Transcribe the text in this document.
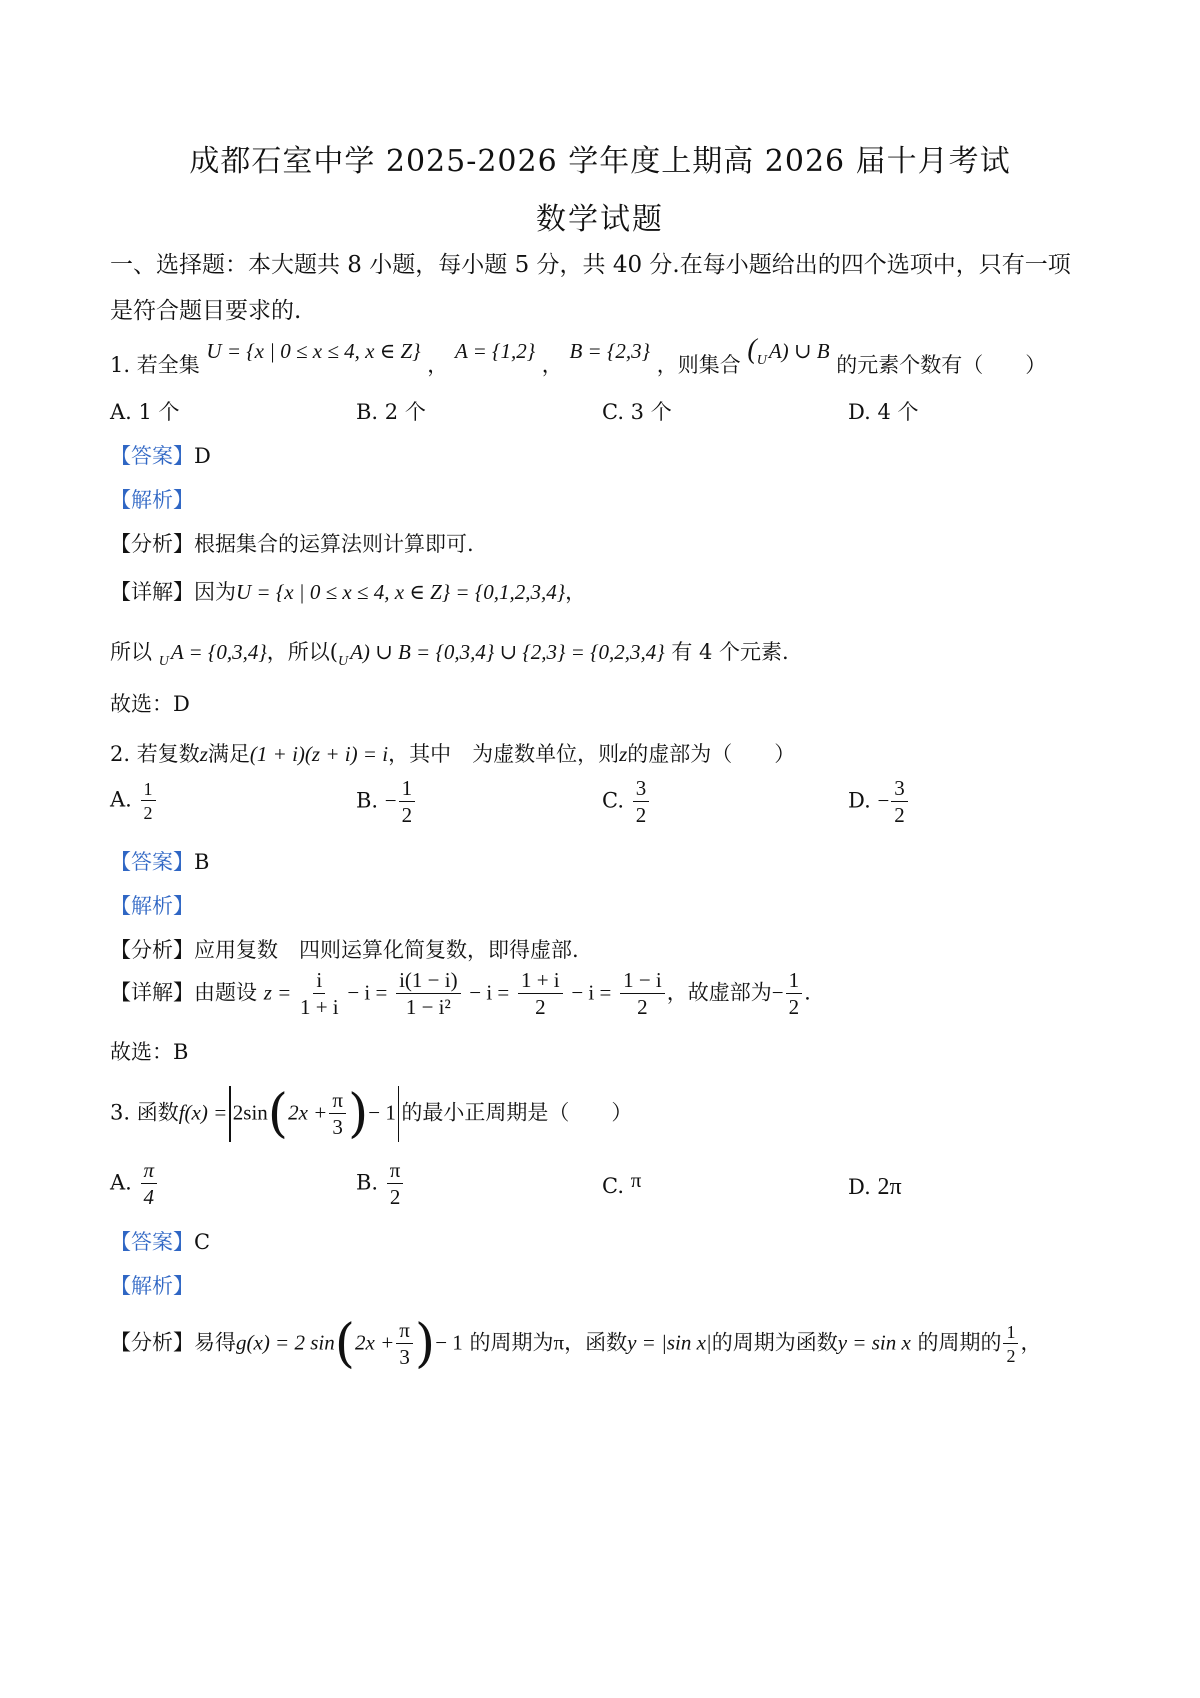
成都石室中学 2025-2026 学年度上期高 2026 届十月考试
数学试题
一、选择题：本大题共 8 小题，每小题 5 分，共 40 分.在每小题给出的四个选项中，只有一项
是符合题目要求的.
1. 若全集 U = {x | 0 ≤ x ≤ 4, x ∈ Z} ， A = {1,2} ， B = {2,3} ，则集合 $(_UA)$ ∪ B 的元素个数有（　　）
A. 1 个	B. 2 个	C. 3 个	D. 4 个
【答案】D
【解析】
【分析】根据集合的运算法则计算即可.
【详解】因为U = {x | 0 ≤ x ≤ 4, x ∈ Z} = {0,1,2,3,4}，
所以 $_U$A = {0,3,4}，所以$(_UA)$ ∪ B = {0,3,4} ∪ {2,3} = {0,2,3,4} 有 4 个元素.
故选：D
2. 若复数z满足(1 + i)(z + i) = i，其中　为虚数单位，则z的虚部为（　　）
A. $\frac{1}{2}$	B. − $\frac{1}{2}$	C. $\frac{3}{2}$	D. − $\frac{3}{2}$
【答案】B
【解析】
【分析】应用复数　四则运算化简复数，即得虚部.
【详解】由题设 $z = \frac{i}{1 + i} - i = \frac{i(1 - i)}{\text{1 − i²}} - i = \frac{1 + i}{2} - i = \frac{1 - i}{2}$ ，故虚部为− $\frac{1}{2}$ .
故选：B
3. 函数$f(x) = 2\sin(2x + \frac{\pi}{3}$ )− 1 的最小正周期是（　　）
A. $\frac{\pi}{4}$	B. $\frac{\pi}{2}$	C. π	D. 2π
【答案】C
【解析】
【分析】易得g(x) = 2 $\sin(2x + \frac{\pi}{3}$ )− 1 的周期为π，函数y = |sin x|的周期为函数y = sin x 的周期的 $\frac{1}{2}$ ，
